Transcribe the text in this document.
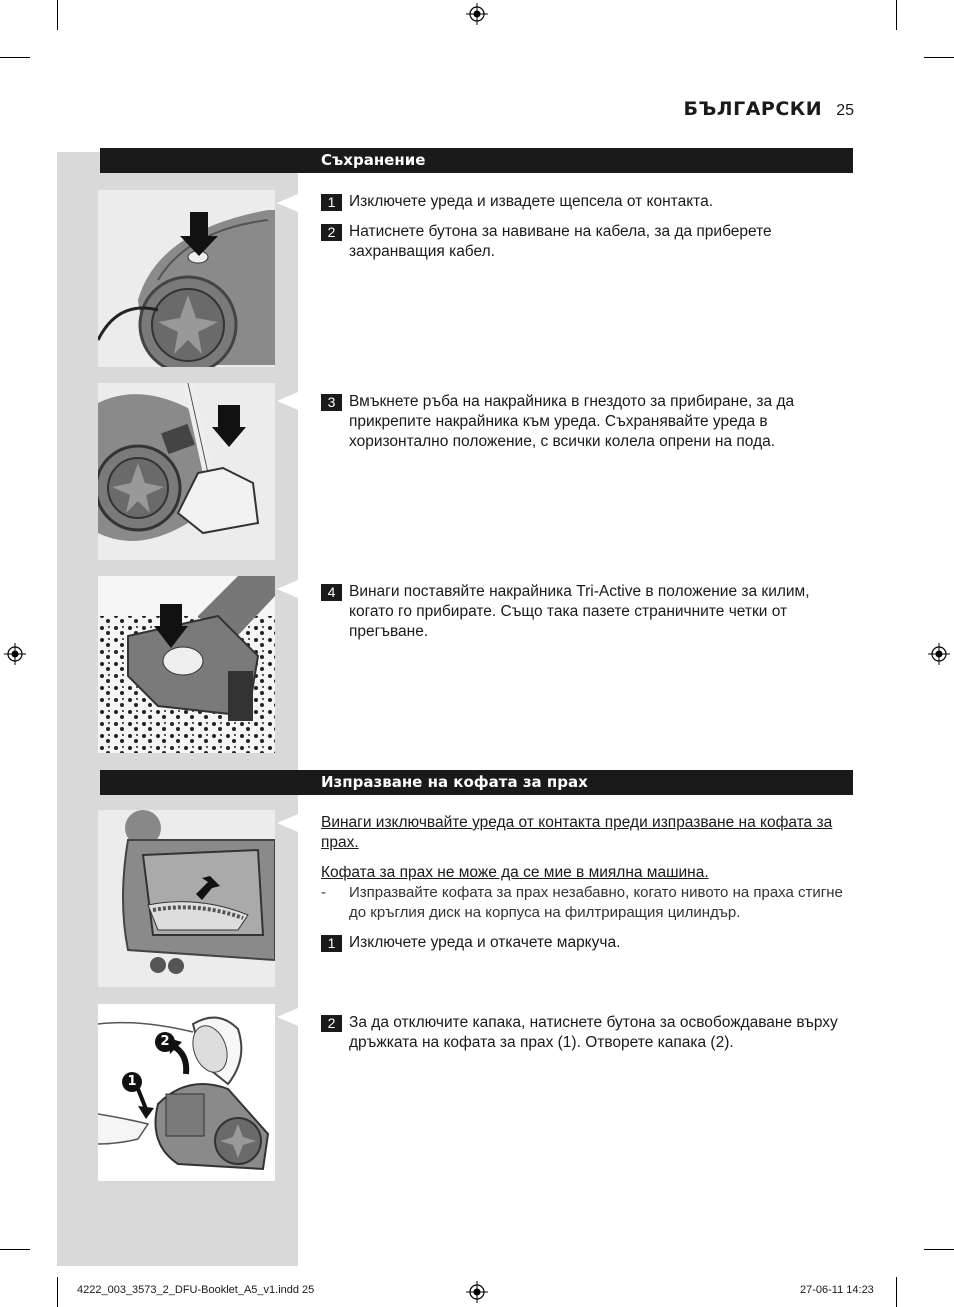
БЪЛГАРСКИ 25
Съхранение
1 Изключете уреда и извадете щепсела от контакта.
2 Натиснете бутона за навиване на кабела, за да приберете захранващия кабел.
3 Вмъкнете ръба на накрайника в гнездото за прибиране, за да прикрепите накрайника към уреда. Съхранявайте уреда в хоризонтално положение, с всички колела опрени на пода.
4 Винаги поставяйте накрайника Tri-Active в положение за килим, когато го прибирате. Също така пазете страничните четки от прегъване.
Изпразване на кофата за прах
1
2
Винаги изключвайте уреда от контакта преди изпразване на кофата за прах.
Кофата за прах не може да се мие в миялна машина.
-	Изпразвайте кофата за прах незабавно, когато нивото на праха стигне до кръглия диск на корпуса на филтриращия цилиндър.
1 Изключете уреда и откачете маркуча.
2 За да отключите капака, натиснете бутона за освобождаване върху дръжката на кофата за прах (1). Отворете капака (2).
4222_003_3573_2_DFU-Booklet_A5_v1.indd 25	27-06-11 14:23
